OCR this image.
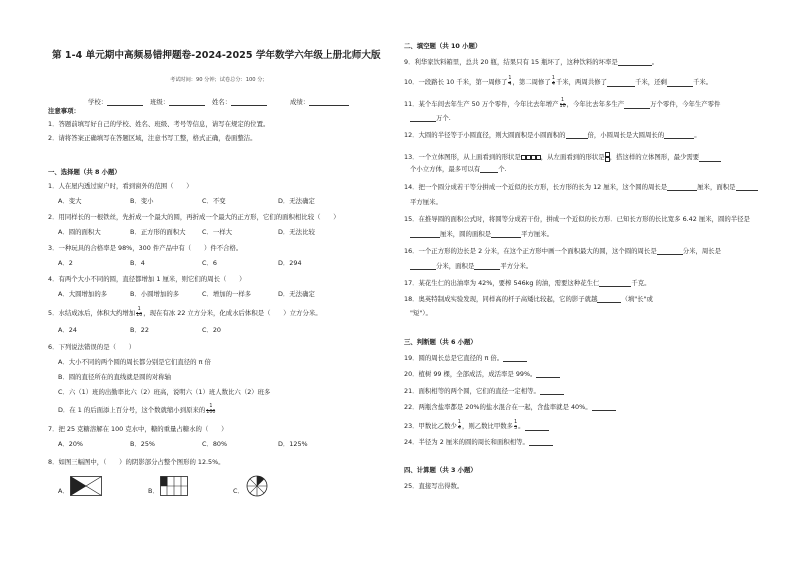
第 1-4 单元期中高频易错押题卷-2024-2025 学年数学六年级上册北师大版
考试时间：90 分钟；试卷总分：100 分；
学校：	班级：	姓名：	成绩：
注意事项：
1．答题前填写好自己的学校、姓名、班级、考号等信息，请写在规定的位置。
2．请将答案正确填写在答题区域，注意书写工整，格式正确，卷面整洁。
一、选择题（共 8 小题）
1．人在屋内透过窗户时，看到窗外的范围（　　）
A．变大	B．变小	C．不变	D．无法确定
2．用同样长的一根铁丝，先折成一个最大的圆，再折成一个最大的正方形，它们的面积相比较（　　）
A．圆的面积大	B．正方形的面积大	C．一样大	D．无法比较
3．一种玩具的合格率是 98%，300 件产品中有（　　）件不合格。
A．2	B．4	C．6	D．294
4．有两个大小不同的圆，直径都增加 1 厘米，则它们的周长（　　）
A．大圆增加的多	B．小圆增加的多	C．增加的一样多	D．无法确定
5．水结成冰后，体积大约增加 $\frac{1}{10}$ ，现在有冰 22 立方分米，化成水后体积是（　　）立方分米。
A．24	B．22	C．20
6．下列说法错误的是（　　）
A．大小不同的两个圆的周长都分别是它们直径的 π 倍
B．圆的直径所在的直线就是圆的对称轴
C．六（1）班的出勤率比六（2）班高，说明六（1）班人数比六（2）班多
D．在 1 的后面添上百分号，这个数就缩小到原来的 $\frac{1}{100}$
7．把 25 克糖溶解在 100 克水中，糖的重量占糖水的（　　）
A．20%	B．25%	C．80%	D．125%
8．如图三幅图中，（　　）的阴影部分占整个图形的 12.5%。
A．	B．	C．
二、填空题（共 10 小题）
9．利华家饮料箱里，总共 20 瓶，结果只有 15 瓶坏了，这种饮料的坏率是	。
10．一段路长 10 千米，第一周修了 $\frac{1}{4}$ ，第二周修了 $\frac{1}{4}$ 千米，两周共修了	千米，还剩	千米。
11．某个车间去年生产 50 万个零件，今年比去年增产 $\frac{1}{10}$ ，今年比去年多生产	万个零件，今年生产零件
万个.
12．大圆的半径等于小圆直径，则大圆面积是小圆面积的	倍，小圆周长是大圆周长的	。
13．一个立体图形，从上面看到的形状是	，从左面看到的形状是 ，搭这样的立体图形，最少需要
个小立方体，最多可以有	个.
14．把一个圆分成若干等分拼成一个近似的长方形，长方形的长为 12 厘米，这个圆的周长是	厘米，面积是
平方厘米。
15．在推导圆的面积公式时，将圆等分成若干份，拼成一个近似的长方形．已知长方形的长比宽多 6.42 厘米，圆的半径是
厘米，圆的面积是	平方厘米。
16．一个正方形的边长是 2 分米，在这个正方形中画一个面积最大的圆，这个圆的周长是	分米，周长是
分米，面积是	平方分米。
17．某花生仁的出油率为 42%，要榨 546kg 的油，需要这种花生仁	千克。
18．奥英特制成实验发现，同样高的杆子高矮比较起，它的影子就越	（填"长"或
"短"）。
三、判断题（共 6 小题）
19．圆的周长总是它直径的 π 倍。
20．植树 99 棵，全部成活，成活率是 99%。
21．面积相等的两个圆，它们的直径一定相等。
22．两瓶含盐率都是 20%的盐水混合在一起，含盐率就是 40%。
23．甲数比乙数少 $\frac{1}{4}$ ，则乙数比甲数多 $\frac{1}{3}$ 。
24．半径为 2 厘米的圆的周长和面积相等。
四、计算题（共 3 小题）
25．直接写出得数。
